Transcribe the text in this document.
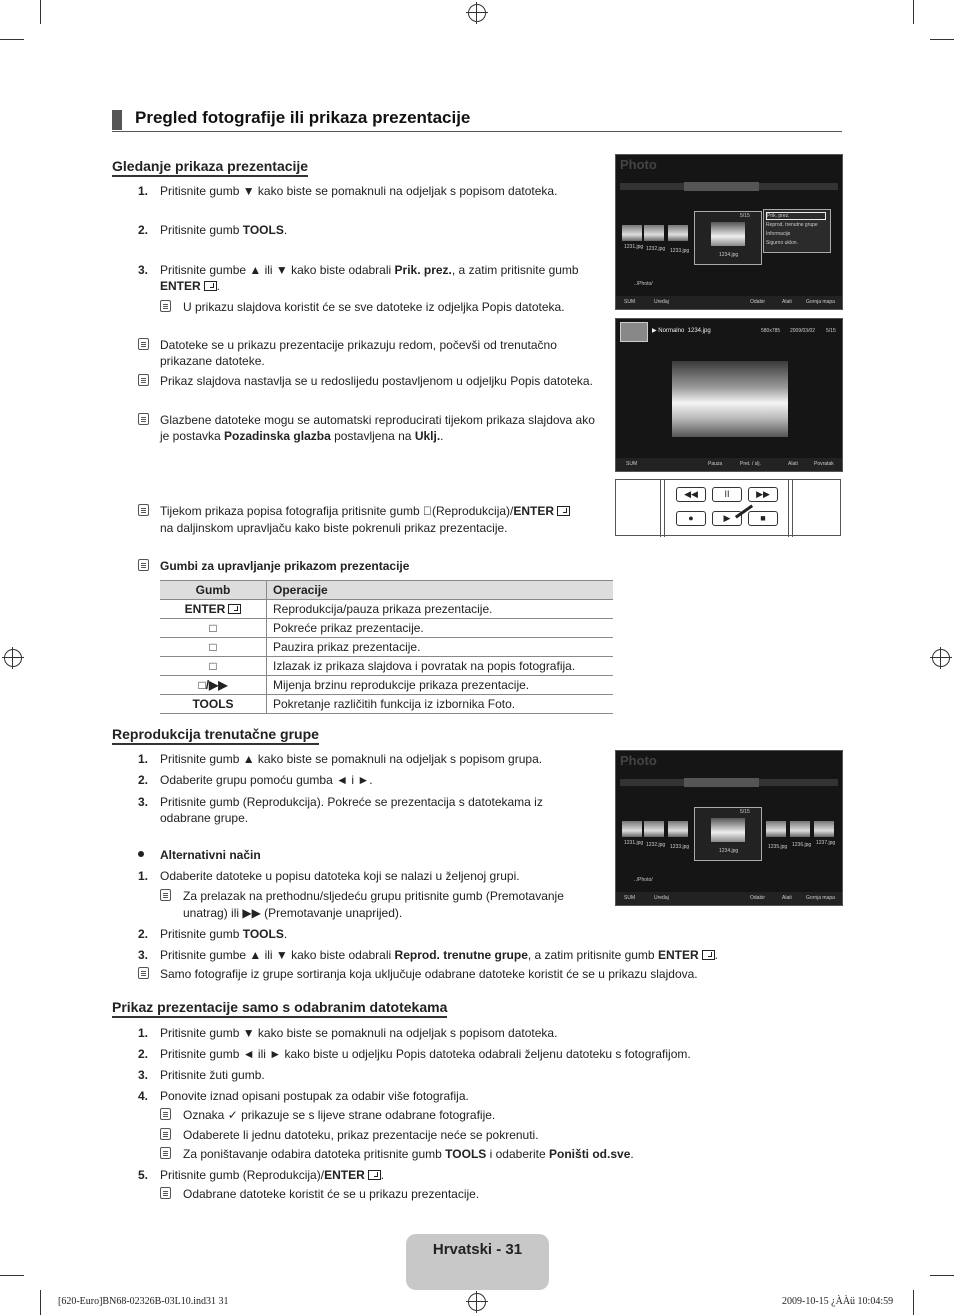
Pregled fotografije ili prikaza prezentacije
Gledanje prikaza prezentacije
1. Pritisnite gumb ▼ kako biste se pomaknuli na odjeljak s popisom datoteka.
2. Pritisnite gumb TOOLS.
3. Pritisnite gumbe ▲ ili ▼ kako biste odabrali Prik. prez., a zatim pritisnite gumb
ENTER .
U prikazu slajdova koristit će se sve datoteke iz odjeljka Popis datoteka.
Datoteke se u prikazu prezentacije prikazuju redom, počevši od trenutačno
prikazane datoteke.
Prikaz slajdova nastavlja se u redoslijedu postavljenom u odjeljku Popis datoteka.
Glazbene datoteke mogu se automatski reproducirati tijekom prikaza slajdova ako
je postavka Pozadinska glazba postavljena na Uklj..
Tijekom prikaza popisa fotografija pritisnite gumb  (Reprodukcija)/ENTER
na daljinskom upravljaču kako biste pokrenuli prikaz prezentacije.
Gumbi za upravljanje prikazom prezentacije
Gumb	Operacije
ENTER	Reprodukcija/pauza prikaza prezentacije.
□	Pokreće prikaz prezentacije.
□	Pauzira prikaz prezentacije.
□	Izlazak iz prikaza slajdova i povratak na popis fotografija.
□/▶▶	Mijenja brzinu reprodukcije prikaza prezentacije.
TOOLS	Pokretanje različitih funkcija iz izbornika Foto.
Photo
5/15
1234.jpg
1231.jpg 1232.jpg 1233.jpg
Prik. prez.
Reprod. trenutne grupe
Informacije
Sigurno uklon.
../Photo/
SUM	Uređaj	Odabir	Alati	Gornja mapa
▶ Normalno 1234.jpg	580x785 2009/03/02 5/15
SUM	Pauza	Pret. / slj.	Alati	Povratak
◀◀	II	▶▶
●	▶	■
Reprodukcija trenutačne grupe
1. Pritisnite gumb ▲ kako biste se pomaknuli na odjeljak s popisom grupa.
2. Odaberite grupu pomoću gumba ◄ i ►.
3. Pritisnite gumb (Reprodukcija). Pokreće se prezentacija s datotekama iz
odabrane grupe.
Alternativni način
1. Odaberite datoteke u popisu datoteka koji se nalazi u željenoj grupi.
Za prelazak na prethodnu/sljedeću grupu pritisnite gumb (Premotavanje
unatrag) ili ▶▶ (Premotavanje unaprijed).
2. Pritisnite gumb TOOLS.
3. Pritisnite gumbe ▲ ili ▼ kako biste odabrali Reprod. trenutne grupe, a zatim pritisnite gumb ENTER .
Samo fotografije iz grupe sortiranja koja uključuje odabrane datoteke koristit će se u prikazu slajdova.
Photo
5/15
1234.jpg
1231.jpg 1232.jpg 1233.jpg	1235.jpg 1236.jpg 1237.jpg
../Photo/
SUM	Uređaj	Odabir	Alati	Gornja mapa
Prikaz prezentacije samo s odabranim datotekama
1. Pritisnite gumb ▼ kako biste se pomaknuli na odjeljak s popisom datoteka.
2. Pritisnite gumb ◄ ili ► kako biste u odjeljku Popis datoteka odabrali željenu datoteku s fotografijom.
3. Pritisnite žuti gumb.
4. Ponovite iznad opisani postupak za odabir više fotografija.
Oznaka ✓ prikazuje se s lijeve strane odabrane fotografije.
Odaberete li jednu datoteku, prikaz prezentacije neće se pokrenuti.
Za poništavanje odabira datoteka pritisnite gumb TOOLS i odaberite Poništi od.sve.
5. Pritisnite gumb (Reprodukcija)/ENTER .
Odabrane datoteke koristit će se u prikazu prezentacije.
Hrvatski - 31
[620-Euro]BN68-02326B-03L10.ind31 31	2009-10-15 ¿ÀÀü 10:04:59
